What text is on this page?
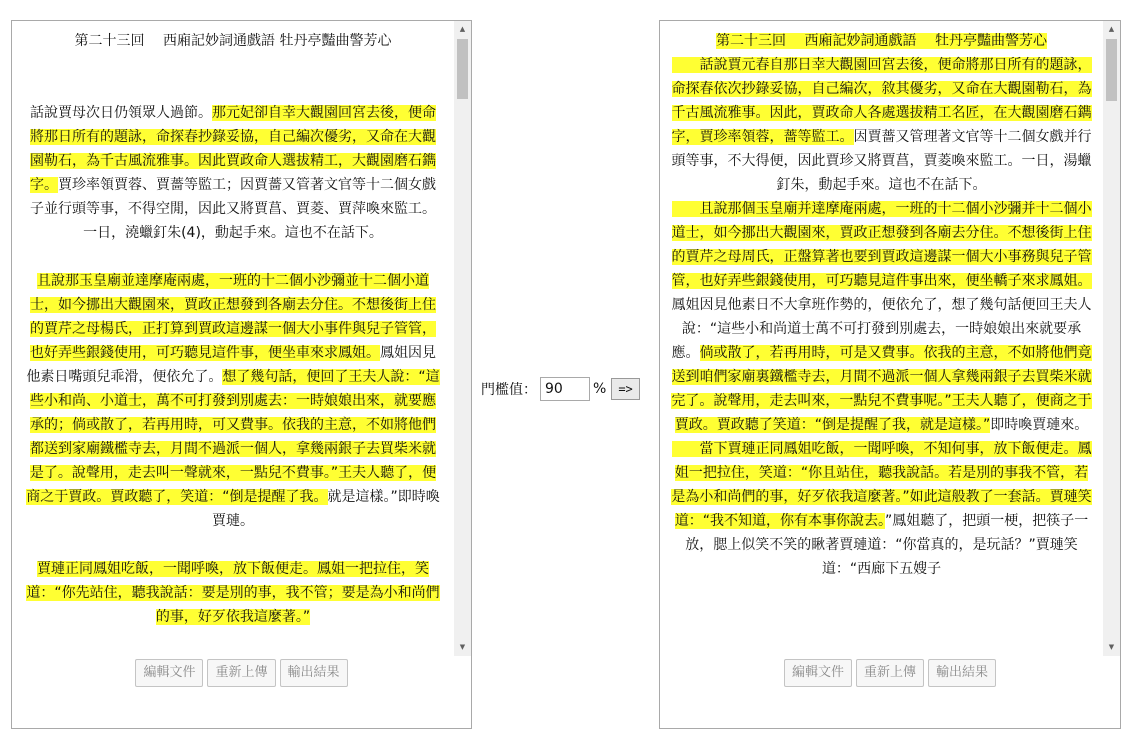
第二十三回　 西廂記妙詞通戲語 牡丹亭豔曲警芳心

話說賈母次日仍領眾人過節。那元妃卻自幸大觀園回宮去後，便命將那日所有的題詠，命探春抄錄妥協，自己編次優劣，又命在大觀園勒石，為千古風流雅事。因此賈政命人選拔精工，大觀園磨石鐫字。賈珍率領賈蓉、賈薔等監工；因賈薔又管著文官等十二個女戲子並行頭等事，不得空閒，因此又將賈菖、賈菱、賈萍喚來監工。一日，澆蠟釘朱(4)，動起手來。這也不在話下。

且說那玉皇廟並達摩庵兩處，一班的十二個小沙彌並十二個小道士，如今挪出大觀園來，賈政正想發到各廟去分住。不想後街上住的賈芹之母楊氏，正打算到賈政這邊謀一個大小事件與兒子管管，也好弄些銀錢使用，可巧聽見這件事，便坐車來求鳳姐。鳳姐因見他素日嘴頭兒乖滑，便依允了。想了幾句話，便回了王夫人說：“這些小和尚、小道士，萬不可打發到別處去：一時娘娘出來，就要應承的；倘或散了，若再用時，可又費事。依我的主意，不如將他們都送到家廟鐵檻寺去，月間不過派一個人，拿幾兩銀子去買柴米就是了。說聲用，走去叫一聲就來，一點兒不費事。”王夫人聽了，便商之于賈政。賈政聽了，笑道：“倒是提醒了我。就是這樣。”即時喚賈璉。

賈璉正同鳳姐吃飯，一聞呼喚，放下飯便走。鳳姐一把拉住，笑道：“你先站住，聽我說話：要是別的事，我不管；要是為小和尚們的事，好歹依我這麼著。”

▲
▼
編輯文件 重新上傳 輸出結果
門檻值：
90	%	=>

第二十三回　 西廂記妙詞通戲語　 牡丹亭豔曲警芳心

　　話說賈元春自那日幸大觀園回宮去後，便命將那日所有的題詠，命探春依次抄錄妥協，自己編次，敘其優劣，又命在大觀園勒石，為千古風流雅事。因此，賈政命人各處選拔精工名匠，在大觀園磨石鐫字，賈珍率領蓉，薔等監工。因賈薔又管理著文官等十二個女戲并行頭等事，不大得便，因此賈珍又將賈菖，賈菱喚來監工。一日，湯蠟釘朱，動起手來。這也不在話下。

　　且說那個玉皇廟并達摩庵兩處，一班的十二個小沙彌并十二個小道士，如今挪出大觀園來，賈政正想發到各廟去分住。不想後街上住的賈芹之母周氏，正盤算著也要到賈政這邊謀一個大小事務與兒子管管，也好弄些銀錢使用，可巧聽見這件事出來，便坐轎子來求鳳姐。鳳姐因見他素日不大拿班作勢的，便依允了，想了幾句話便回王夫人說：“這些小和尚道士萬不可打發到別處去，一時娘娘出來就要承應。倘或散了，若再用時，可是又費事。依我的主意，不如將他們竟送到咱們家廟裏鐵檻寺去，月間不過派一個人拿幾兩銀子去買柴米就完了。說聲用，走去叫來，一點兒不費事呢。”王夫人聽了，便商之于賈政。賈政聽了笑道：“倒是提醒了我，就是這樣。”即時喚賈璉來。

　　當下賈璉正同鳳姐吃飯，一聞呼喚，不知何事，放下飯便走。鳳姐一把拉住，笑道：“你且站住，聽我說話。若是別的事我不管，若是為小和尚們的事，好歹依我這麼著。”如此這般教了一套話。賈璉笑道：“我不知道，你有本事你說去。”鳳姐聽了，把頭一梗，把筷子一放，腮上似笑不笑的瞅著賈璉道：“你當真的，是玩話？”賈璉笑道：“西廊下五嫂子

▲
▼
編輯文件 重新上傳 輸出結果
